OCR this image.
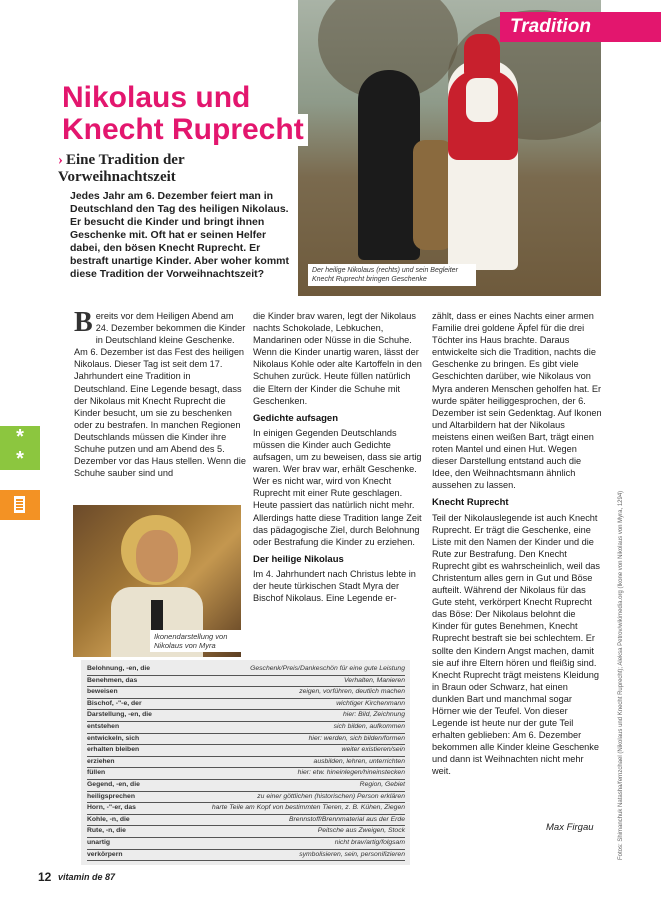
Tradition
Der heilige Nikolaus (rechts) und sein Begleiter Knecht Ruprecht bringen Geschenke
Nikolaus und
Knecht Ruprecht
› Eine Tradition der Vorweihnachtszeit
Jedes Jahr am 6. Dezember feiert man in Deutschland den Tag des heiligen Nikolaus. Er besucht die Kinder und bringt ihnen Geschenke mit. Oft hat er seinen Helfer dabei, den bösen Knecht Ruprecht. Er bestraft unartige Kinder. Aber woher kommt diese Tradition der Vorweihnachtszeit?
*
*
Bereits vor dem Heiligen Abend am 24. Dezember bekommen die Kinder in Deutschland kleine Geschenke. Am 6. Dezember ist das Fest des heiligen Nikolaus. Dieser Tag ist seit dem 17. Jahrhundert eine Tradition in Deutschland. Eine Legende besagt, dass der Nikolaus mit Knecht Ruprecht die Kinder besucht, um sie zu beschenken oder zu bestrafen. In manchen Regionen Deutschlands müssen die Kinder ihre Schuhe putzen und am Abend des 5. Dezember vor das Haus stellen. Wenn die Schuhe sauber sind und

die Kinder brav waren, legt der Nikolaus nachts Schokolade, Lebkuchen, Mandarinen oder Nüsse in die Schuhe. Wenn die Kinder unartig waren, lässt der Nikolaus Kohle oder alte Kartoffeln in den Schuhen zurück. Heute füllen natürlich die Eltern der Kinder die Schuhe mit Geschenken.

Gedichte aufsagen

In einigen Gegenden Deutschlands müssen die Kinder auch Gedichte aufsagen, um zu beweisen, dass sie artig waren. Wer brav war, erhält Geschenke. Wer es nicht war, wird von Knecht Ruprecht mit einer Rute geschlagen. Heute passiert das natürlich nicht mehr. Allerdings hatte diese Tradition lange Zeit das pädagogische Ziel, durch Belohnung oder Bestrafung die Kinder zu erziehen.

Der heilige Nikolaus

Im 4. Jahrhundert nach Christus lebte in der heute türkischen Stadt Myra der Bischof Nikolaus. Eine Legende er-

zählt, dass er eines Nachts einer armen Familie drei goldene Äpfel für die drei Töchter ins Haus brachte. Daraus entwickelte sich die Tradition, nachts die Geschenke zu bringen. Es gibt viele Geschichten darüber, wie Nikolaus von Myra anderen Menschen geholfen hat. Er wurde später heiliggesprochen, der 6. Dezember ist sein Gedenktag. Auf Ikonen und Altarbildern hat der Nikolaus meistens einen weißen Bart, trägt einen roten Mantel und einen Hut. Wegen dieser Darstellung entstand auch die Idee, den Weihnachtsmann ähnlich aussehen zu lassen.

Knecht Ruprecht

Teil der Nikolauslegende ist auch Knecht Ruprecht. Er trägt die Geschenke, eine Liste mit den Namen der Kinder und die Rute zur Bestrafung. Den Knecht Ruprecht gibt es wahrscheinlich, weil das Christentum alles gern in Gut und Böse aufteilt. Während der Nikolaus für das Gute steht, verkörpert Knecht Ruprecht das Böse: Der Nikolaus belohnt die Kinder für gutes Benehmen, Knecht Ruprecht bestraft sie bei schlechtem. Er sollte den Kindern Angst machen, damit sie auf ihre Eltern hören und fleißig sind. Knecht Ruprecht trägt meistens Kleidung in Braun oder Schwarz, hat einen dunklen Bart und manchmal sogar Hörner wie der Teufel. Von dieser Legende ist heute nur der gute Teil erhalten geblieben: Am 6. Dezember bekommen alle Kinder kleine Geschenke und dann ist Weihnachten nicht mehr weit.

Ikonendarstellung von Nikolaus von Myra
Belohnung, -en, die	Geschenk/Preis/Dankeschön für eine gute Leistung
Benehmen, das	Verhalten, Manieren
beweisen	zeigen, vorführen, deutlich machen
Bischof, -"-e, der	wichtiger Kirchenmann
Darstellung, -en, die	hier: Bild, Zeichnung
entstehen	sich bilden, aufkommen
entwickeln, sich	hier: werden, sich bilden/formen
erhalten bleiben	weiter existieren/sein
erziehen	ausbilden, lehren, unterrichten
füllen	hier: etw. hineinlegen/hineinstecken
Gegend, -en, die	Region, Gebiet
heiligsprechen	zu einer göttlichen (historischen) Person erklären
Horn, -"-er, das	harte Teile am Kopf von bestimmten Tieren, z. B. Kühen, Ziegen
Kohle, -n, die	Brennstoff/Brennmaterial aus der Erde
Rute, -n, die	Peitsche aus Zweigen, Stock
unartig	nicht brav/artig/folgsam
verkörpern	symbolisieren, sein, personifizieren
Max Firgau
12 vitamin de 87
Fotos: Shimanchuk Natasha/fernzchael (Nikolaus und Knecht Ruprecht); Aleksa Petrov/wikimedia.org (Ikone von Nikolaus von Myra, 1294)
